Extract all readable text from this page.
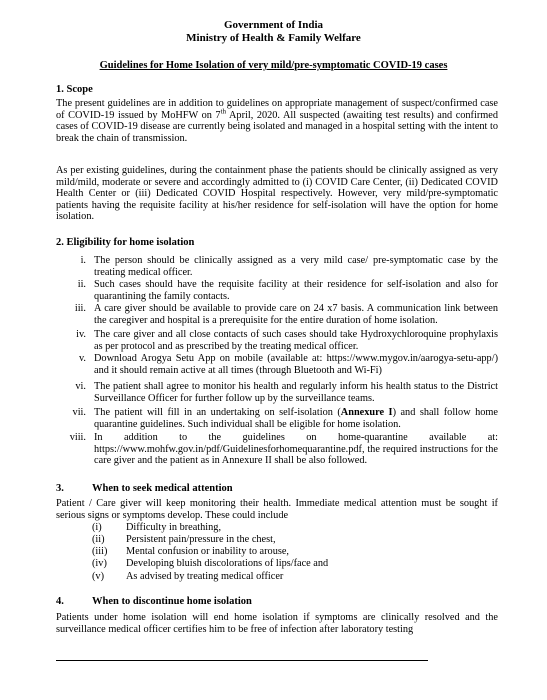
Government of India
Ministry of Health & Family Welfare
Guidelines for Home Isolation of very mild/pre-symptomatic COVID-19 cases
1. Scope
The present guidelines are in addition to guidelines on appropriate management of suspect/confirmed case of COVID-19 issued by MoHFW on 7th April, 2020. All suspected (awaiting test results) and confirmed cases of COVID-19 disease are currently being isolated and managed in a hospital setting with the intent to break the chain of transmission.
As per existing guidelines, during the containment phase the patients should be clinically assigned as very mild/mild, moderate or severe and accordingly admitted to (i) COVID Care Center, (ii) Dedicated COVID Health Center or (iii) Dedicated COVID Hospital respectively. However, very mild/pre-symptomatic patients having the requisite facility at his/her residence for self-isolation will have the option for home isolation.
2. Eligibility for home isolation
i. The person should be clinically assigned as a very mild case/ pre-symptomatic case by the treating medical officer.
ii. Such cases should have the requisite facility at their residence for self-isolation and also for quarantining the family contacts.
iii. A care giver should be available to provide care on 24 x7 basis. A communication link between the caregiver and hospital is a prerequisite for the entire duration of home isolation.
iv. The care giver and all close contacts of such cases should take Hydroxychloroquine prophylaxis as per protocol and as prescribed by the treating medical officer.
v. Download Arogya Setu App on mobile (available at: https://www.mygov.in/aarogya-setu-app/) and it should remain active at all times (through Bluetooth and Wi-Fi)
vi. The patient shall agree to monitor his health and regularly inform his health status to the District Surveillance Officer for further follow up by the surveillance teams.
vii. The patient will fill in an undertaking on self-isolation (Annexure I) and shall follow home quarantine guidelines. Such individual shall be eligible for home isolation.
viii. In addition to the guidelines on home-quarantine available at: https://www.mohfw.gov.in/pdf/Guidelinesforhomequarantine.pdf, the required instructions for the care giver and the patient as in Annexure II shall be also followed.
3.	When to seek medical attention
Patient / Care giver will keep monitoring their health. Immediate medical attention must be sought if serious signs or symptoms develop. These could include
(i)	Difficulty in breathing,
(ii)	Persistent pain/pressure in the chest,
(iii)	Mental confusion or inability to arouse,
(iv)	Developing bluish discolorations of lips/face and
(v)	As advised by treating medical officer
4.	When to discontinue home isolation
Patients under home isolation will end home isolation if symptoms are clinically resolved and the surveillance medical officer certifies him to be free of infection after laboratory testing
